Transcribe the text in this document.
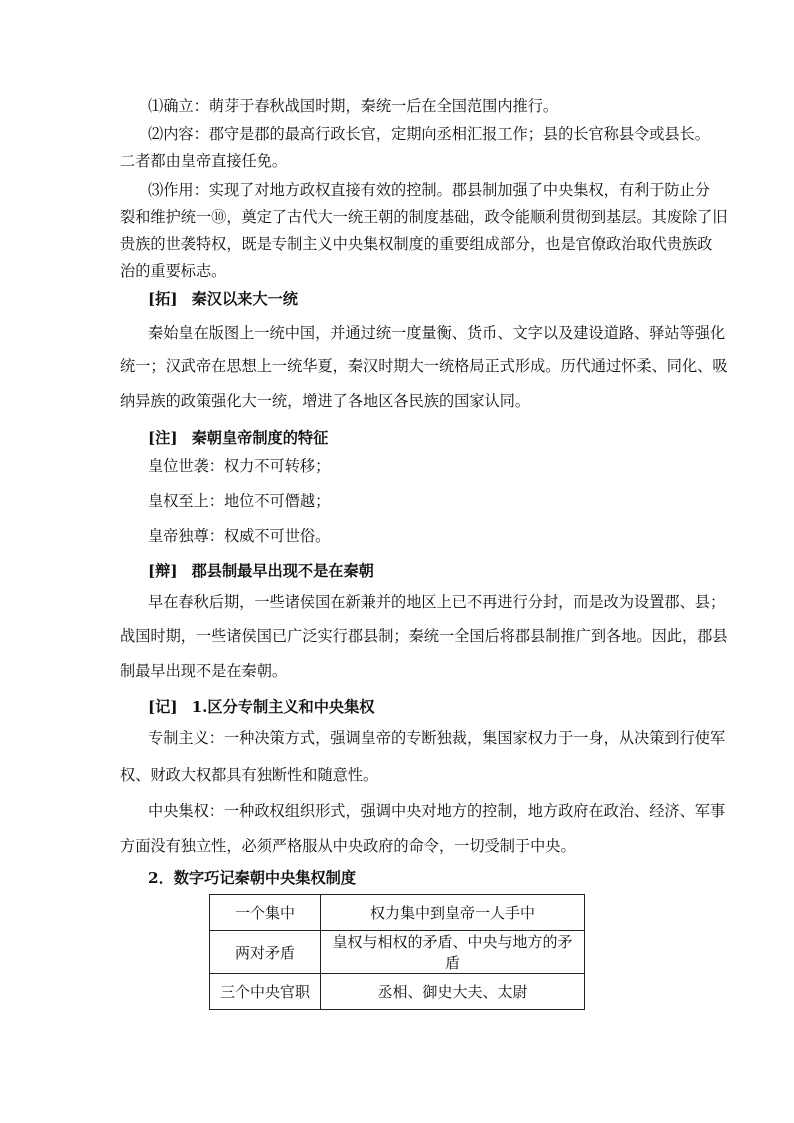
⑴确立：萌芽于春秋战国时期，秦统一后在全国范围内推行。
⑵内容：郡守是郡的最高行政长官，定期向丞相汇报工作；县的长官称县令或县长。
二者都由皇帝直接任免。
⑶作用：实现了对地方政权直接有效的控制。郡县制加强了中央集权，有利于防止分
裂和维护统一⑩，奠定了古代大一统王朝的制度基础，政令能顺利贯彻到基层。其废除了旧
贵族的世袭特权，既是专制主义中央集权制度的重要组成部分，也是官僚政治取代贵族政
治的重要标志。
[拓] 秦汉以来大一统
秦始皇在版图上一统中国，并通过统一度量衡、货币、文字以及建设道路、驿站等强化
统一；汉武帝在思想上一统华夏，秦汉时期大一统格局正式形成。历代通过怀柔、同化、吸
纳异族的政策强化大一统，增进了各地区各民族的国家认同。
[注] 秦朝皇帝制度的特征
皇位世袭：权力不可转移；
皇权至上：地位不可僭越；
皇帝独尊：权威不可世俗。
[辩] 郡县制最早出现不是在秦朝
早在春秋后期，一些诸侯国在新兼并的地区上已不再进行分封，而是改为设置郡、县；
战国时期，一些诸侯国已广泛实行郡县制；秦统一全国后将郡县制推广到各地。因此，郡县
制最早出现不是在秦朝。
[记] 1.区分专制主义和中央集权
专制主义：一种决策方式，强调皇帝的专断独裁，集国家权力于一身，从决策到行使军
权、财政大权都具有独断性和随意性。
中央集权：一种政权组织形式，强调中央对地方的控制，地方政府在政治、经济、军事
方面没有独立性，必须严格服从中央政府的命令，一切受制于中央。
2．数字巧记秦朝中央集权制度
一个集中	权力集中到皇帝一人手中
两对矛盾	皇权与相权的矛盾、中央与地方的矛盾
三个中央官职	丞相、御史大夫、太尉
